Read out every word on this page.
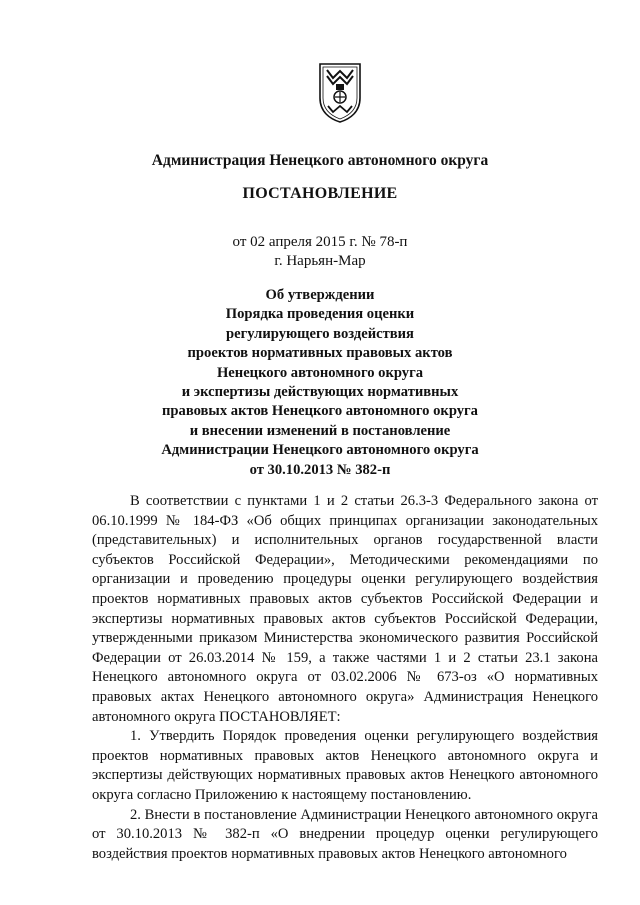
Администрация Ненецкого автономного округа
ПОСТАНОВЛЕНИЕ
от 02 апреля 2015 г. № 78-п
г. Нарьян-Мар
Об утверждении
Порядка проведения оценки
регулирующего воздействия
проектов нормативных правовых актов
Ненецкого автономного округа
и экспертизы действующих нормативных
правовых актов Ненецкого автономного округа
и внесении изменений в постановление
Администрации Ненецкого автономного округа
от 30.10.2013 № 382-п

В соответствии с пунктами 1 и 2 статьи 26.3-3 Федерального закона от 06.10.1999 № 184-ФЗ «Об общих принципах организации законодательных (представительных) и исполнительных органов государственной власти субъектов Российской Федерации», Методическими рекомендациями по организации и проведению процедуры оценки регулирующего воздействия проектов нормативных правовых актов субъектов Российской Федерации и экспертизы нормативных правовых актов субъектов Российской Федерации, утвержденными приказом Министерства экономического развития Российской Федерации от 26.03.2014 № 159, а также частями 1 и 2 статьи 23.1 закона Ненецкого автономного округа от 03.02.2006 № 673-оз «О нормативных правовых актах Ненецкого автономного округа» Администрация Ненецкого автономного округа ПОСТАНОВЛЯЕТ:

1. Утвердить Порядок проведения оценки регулирующего воздействия проектов нормативных правовых актов Ненецкого автономного округа и экспертизы действующих нормативных правовых актов Ненецкого автономного округа согласно Приложению к настоящему постановлению.

2. Внести в постановление Администрации Ненецкого автономного округа от 30.10.2013 № 382-п «О внедрении процедур оценки регулирующего воздействия проектов нормативных правовых актов Ненецкого автономного
